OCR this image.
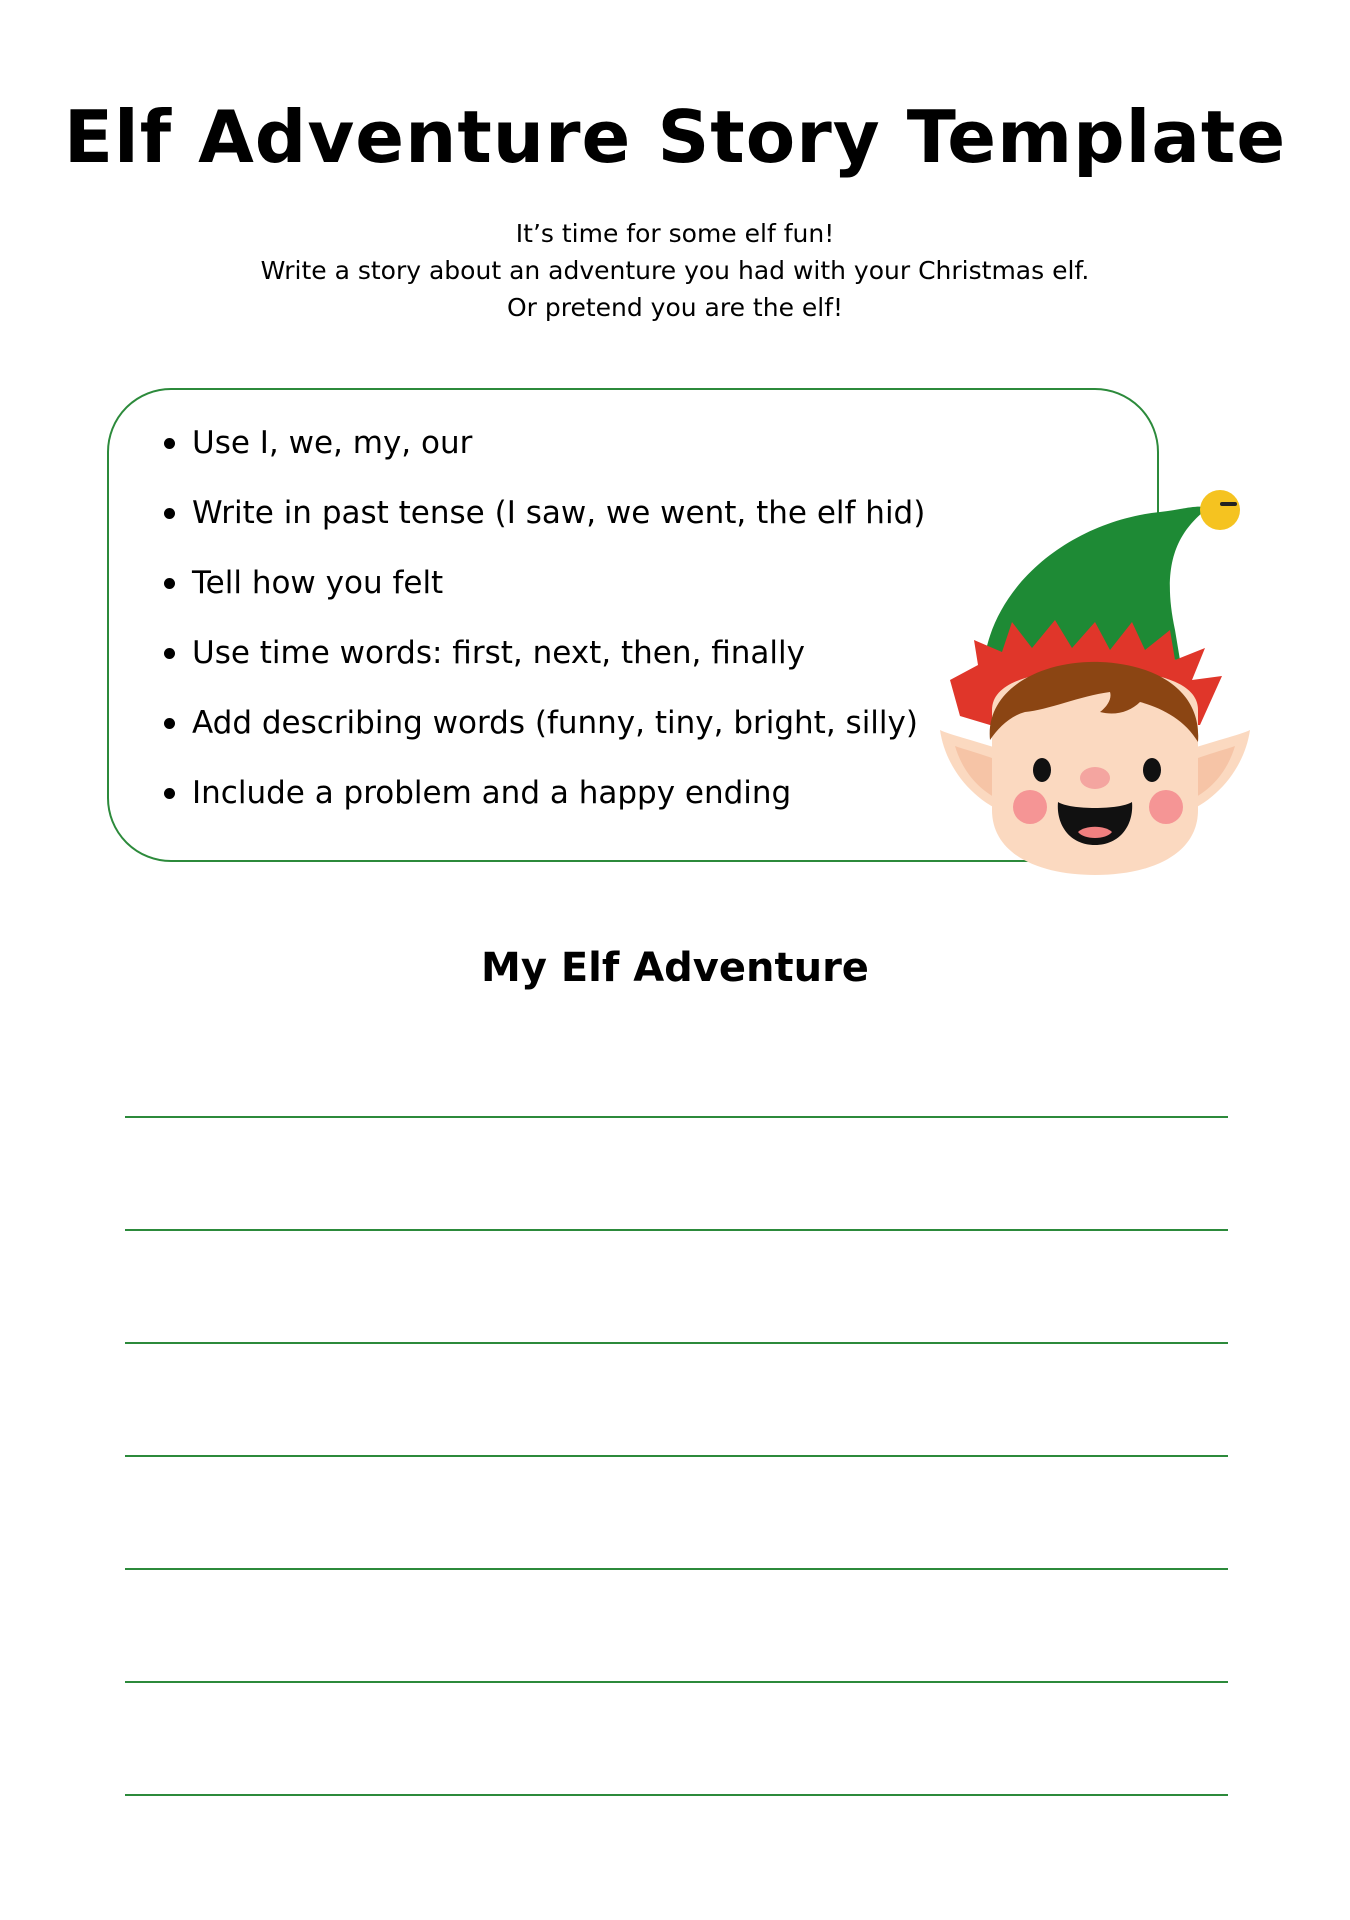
Elf Adventure Story Template
It’s time for some elf fun!
Write a story about an adventure you had with your Christmas elf.
Or pretend you are the elf!
Use I, we, my, our
Write in past tense (I saw, we went, the elf hid)
Tell how you felt
Use time words: first, next, then, finally
Add describing words (funny, tiny, bright, silly)
Include a problem and a happy ending
My Elf Adventure
